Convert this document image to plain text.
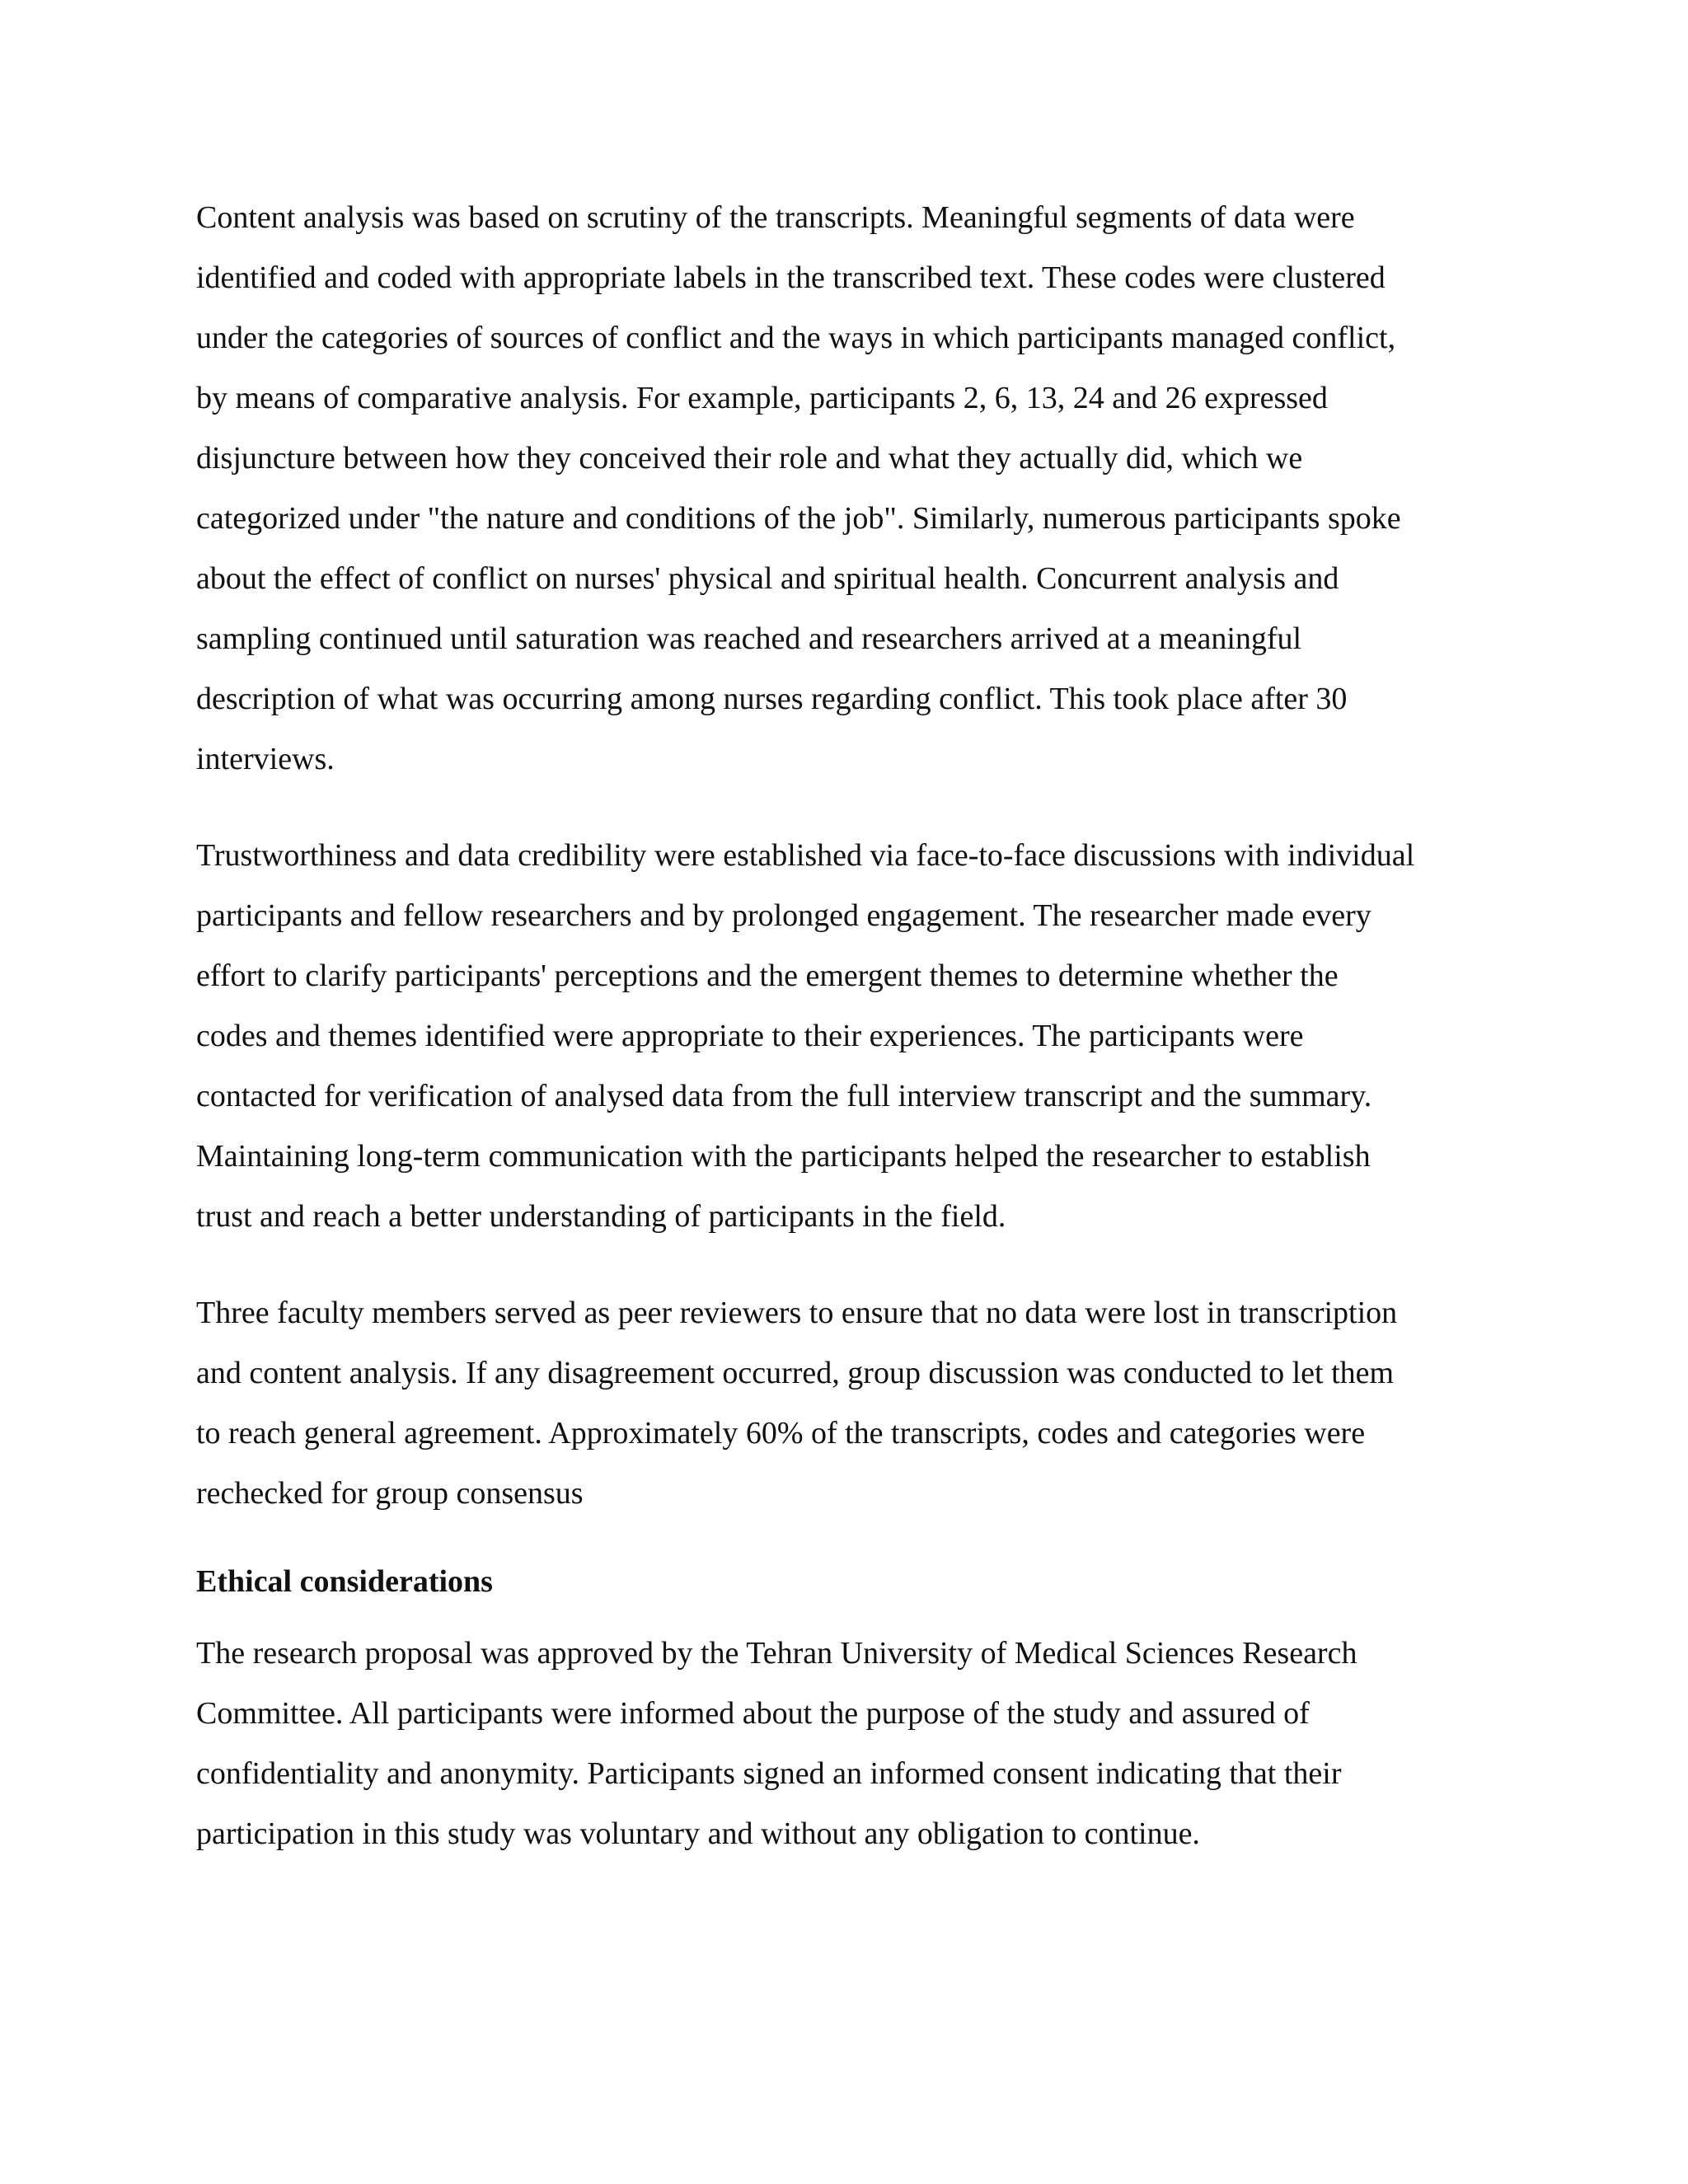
Content analysis was based on scrutiny of the transcripts. Meaningful segments of data were
identified and coded with appropriate labels in the transcribed text. These codes were clustered
under the categories of sources of conflict and the ways in which participants managed conflict,
by means of comparative analysis. For example, participants 2, 6, 13, 24 and 26 expressed
disjuncture between how they conceived their role and what they actually did, which we
categorized under "the nature and conditions of the job". Similarly, numerous participants spoke
about the effect of conflict on nurses' physical and spiritual health. Concurrent analysis and
sampling continued until saturation was reached and researchers arrived at a meaningful
description of what was occurring among nurses regarding conflict. This took place after 30
interviews.

Trustworthiness and data credibility were established via face-to-face discussions with individual
participants and fellow researchers and by prolonged engagement. The researcher made every
effort to clarify participants' perceptions and the emergent themes to determine whether the
codes and themes identified were appropriate to their experiences. The participants were
contacted for verification of analysed data from the full interview transcript and the summary.
Maintaining long-term communication with the participants helped the researcher to establish
trust and reach a better understanding of participants in the field.

Three faculty members served as peer reviewers to ensure that no data were lost in transcription
and content analysis. If any disagreement occurred, group discussion was conducted to let them
to reach general agreement. Approximately 60% of the transcripts, codes and categories were
rechecked for group consensus

Ethical considerations

The research proposal was approved by the Tehran University of Medical Sciences Research
Committee. All participants were informed about the purpose of the study and assured of
confidentiality and anonymity. Participants signed an informed consent indicating that their
participation in this study was voluntary and without any obligation to continue.
